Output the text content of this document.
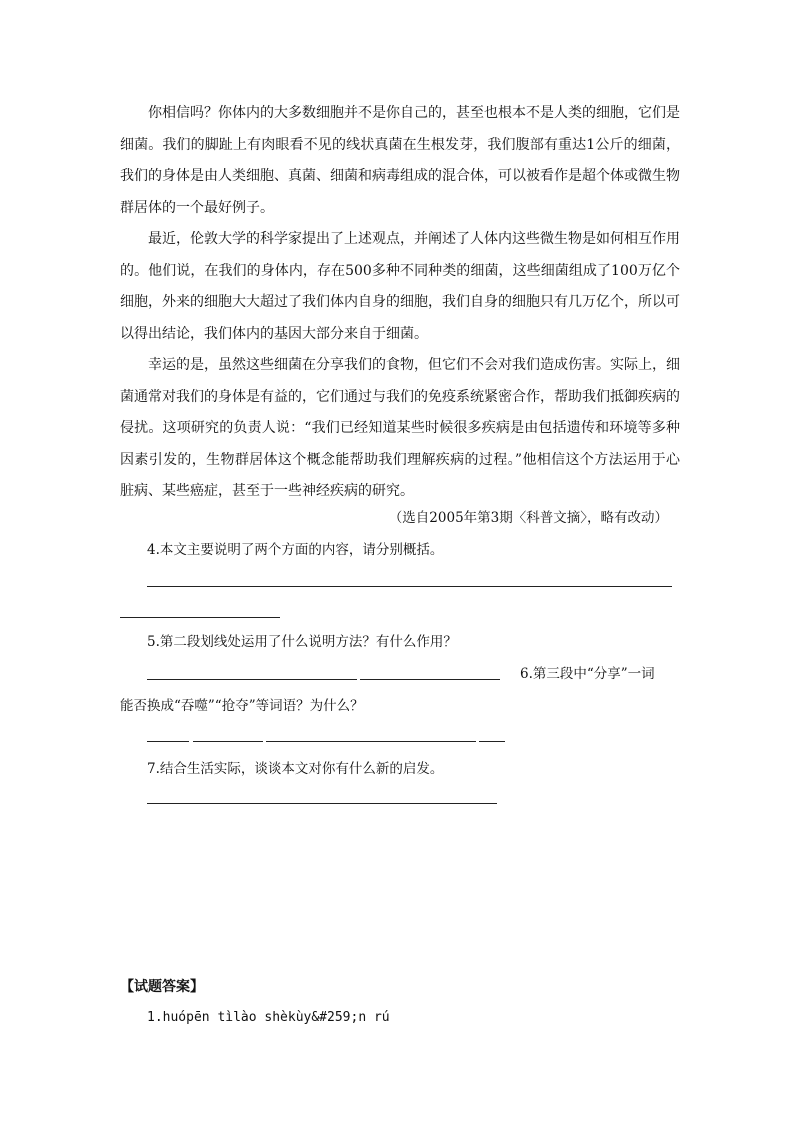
你相信吗？你体内的大多数细胞并不是你自己的，甚至也根本不是人类的细胞，它们是细菌。我们的脚趾上有肉眼看不见的线状真菌在生根发芽，我们腹部有重达1公斤的细菌，我们的身体是由人类细胞、真菌、细菌和病毒组成的混合体，可以被看作是超个体或微生物群居体的一个最好例子。

最近，伦敦大学的科学家提出了上述观点，并阐述了人体内这些微生物是如何相互作用的。他们说，在我们的身体内，存在500多种不同种类的细菌，这些细菌组成了100万亿个细胞，外来的细胞大大超过了我们体内自身的细胞，我们自身的细胞只有几万亿个，所以可以得出结论，我们体内的基因大部分来自于细菌。

幸运的是，虽然这些细菌在分享我们的食物，但它们不会对我们造成伤害。实际上，细菌通常对我们的身体是有益的，它们通过与我们的免疫系统紧密合作，帮助我们抵御疾病的侵扰。这项研究的负责人说：“我们已经知道某些时候很多疾病是由包括遗传和环境等多种因素引发的，生物群居体这个概念能帮助我们理解疾病的过程。”他相信这个方法运用于心脏病、某些癌症，甚至于一些神经疾病的研究。

（选自2005年第3期〈科普文摘〉，略有改动）
4.本文主要说明了两个方面的内容，请分别概括。
5.第二段划线处运用了什么说明方法？有什么作用？
6.第三段中“分享”一词
能否换成“吞噬”“抢夺”等词语？为什么？
7.结合生活实际，谈谈本文对你有什么新的启发。
【试题答案】
1.huópēn tìlào shèkùy&#259;n rú
